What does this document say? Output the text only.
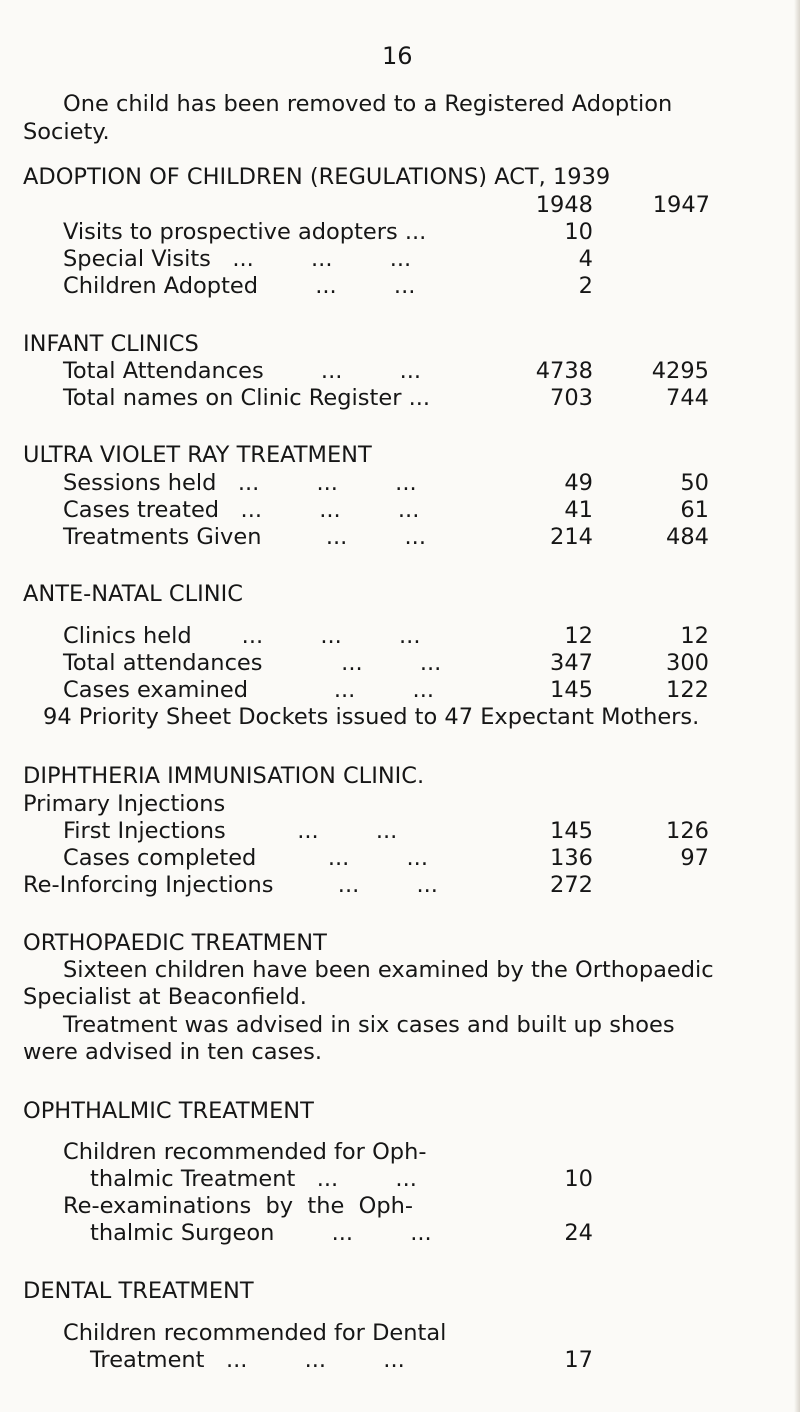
16
One child has been removed to a Registered Adoption
Society.
ADOPTION OF CHILDREN (REGULATIONS) ACT, 1939
1948	1947
Visits to prospective adopters ...	10
Special Visits   ...        ...        ...	4
Children Adopted        ...        ...	2
INFANT CLINICS
Total Attendances        ...        ...	4738	4295
Total names on Clinic Register ...	703	744
ULTRA VIOLET RAY TREATMENT
Sessions held   ...        ...        ...	49	50
Cases treated   ...        ...        ...	41	61
Treatments Given         ...        ...	214	484
ANTE-NATAL CLINIC
Clinics held       ...        ...        ...	12	12
Total attendances           ...        ...	347	300
Cases examined            ...        ...	145	122
94 Priority Sheet Dockets issued to 47 Expectant Mothers.
DIPHTHERIA IMMUNISATION CLINIC.
Primary Injections
First Injections          ...        ...	145	126
Cases completed          ...        ...	136	97
Re-Inforcing Injections         ...        ...	272
ORTHOPAEDIC TREATMENT
Sixteen children have been examined by the Orthopaedic
Specialist at Beaconfield.
Treatment was advised in six cases and built up shoes
were advised in ten cases.
OPHTHALMIC TREATMENT
Children recommended for Oph-
thalmic Treatment   ...        ...	10
Re-examinations  by  the  Oph-
thalmic Surgeon        ...        ...	24
DENTAL TREATMENT
Children recommended for Dental
Treatment   ...        ...        ...	17
